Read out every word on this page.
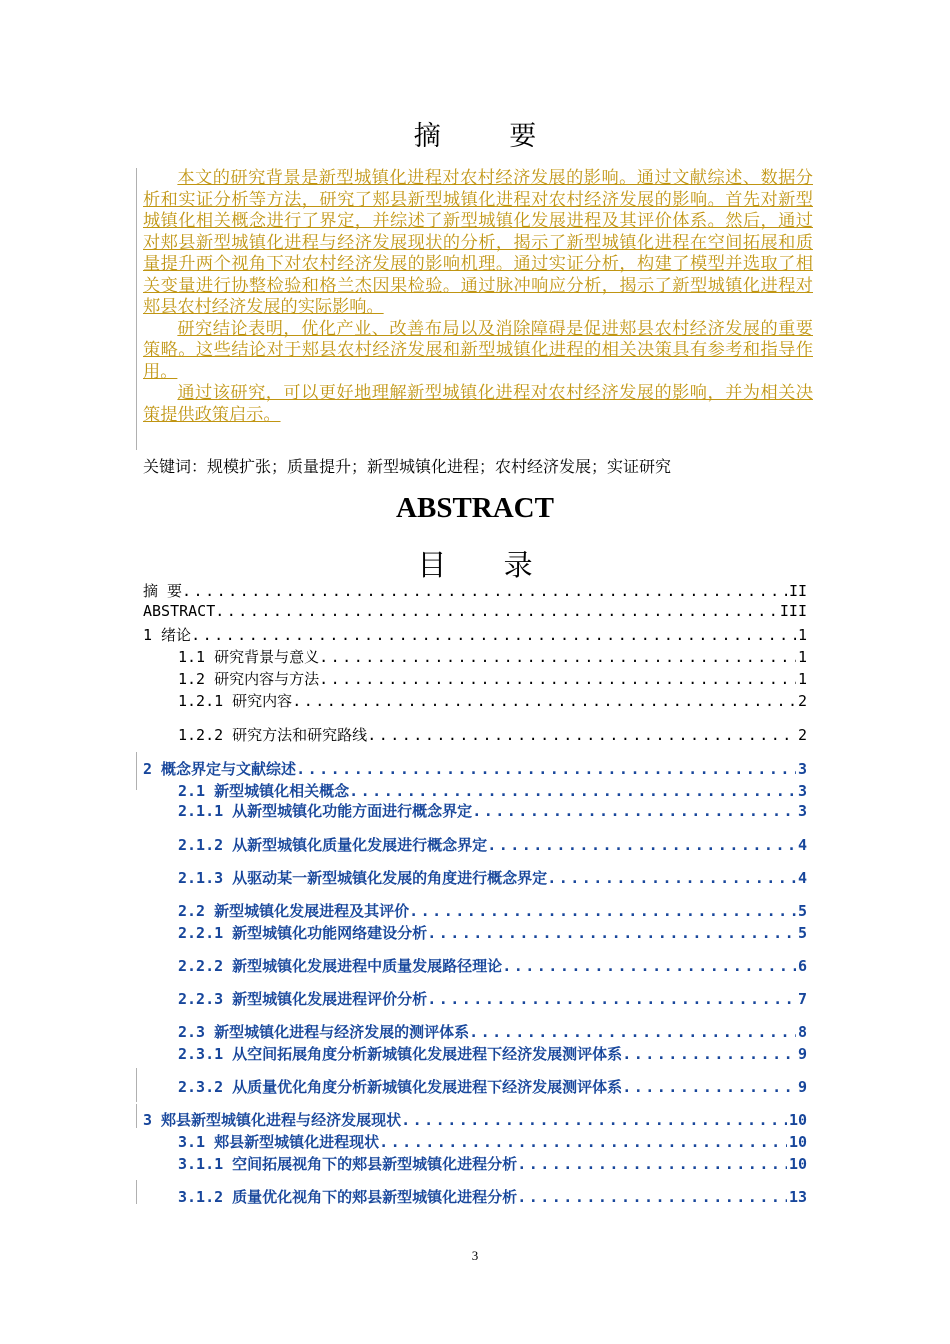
摘 要

本文的研究背景是新型城镇化进程对农村经济发展的影响。通过文献综述、数据分析和实证分析等方法，研究了郏县新型城镇化进程对农村经济发展的影响。首先对新型城镇化相关概念进行了界定，并综述了新型城镇化发展进程及其评价体系。然后，通过对郏县新型城镇化进程与经济发展现状的分析，揭示了新型城镇化进程在空间拓展和质量提升两个视角下对农村经济发展的影响机理。通过实证分析，构建了模型并选取了相关变量进行协整检验和格兰杰因果检验。通过脉冲响应分析，揭示了新型城镇化进程对郏县农村经济发展的实际影响。

研究结论表明，优化产业、改善布局以及消除障碍是促进郏县农村经济发展的重要策略。这些结论对于郏县农村经济发展和新型城镇化进程的相关决策具有参考和指导作用。

通过该研究，可以更好地理解新型城镇化进程对农村经济发展的影响，并为相关决策提供政策启示。

关键词：规模扩张；质量提升；新型城镇化进程；农村经济发展；实证研究
ABSTRACT
目 录
摘 要 .....	II
ABSTRACT .....	III
1 绪论 .....	1
1.1 研究背景与意义 .....	1
1.2 研究内容与方法 .....	1
1.2.1 研究内容 .....	2
1.2.2 研究方法和研究路线 .....	2
2 概念界定与文献综述 .....	3
2.1 新型城镇化相关概念 .....	3
2.1.1 从新型城镇化功能方面进行概念界定 .....	3
2.1.2 从新型城镇化质量化发展进行概念界定 .....	4
2.1.3 从驱动某一新型城镇化发展的角度进行概念界定 .....	4
2.2 新型城镇化发展进程及其评价 .....	5
2.2.1 新型城镇化功能网络建设分析 .....	5
2.2.2 新型城镇化发展进程中质量发展路径理论 .....	6
2.2.3 新型城镇化发展进程评价分析 .....	7
2.3 新型城镇化进程与经济发展的测评体系 .....	8
2.3.1 从空间拓展角度分析新城镇化发展进程下经济发展测评体系 .....	9
2.3.2 从质量优化角度分析新城镇化发展进程下经济发展测评体系 .....	9
3 郏县新型城镇化进程与经济发展现状 .....	10
3.1 郏县新型城镇化进程现状 .....	10
3.1.1 空间拓展视角下的郏县新型城镇化进程分析 .....	10
3.1.2 质量优化视角下的郏县新型城镇化进程分析 .....	13
3
